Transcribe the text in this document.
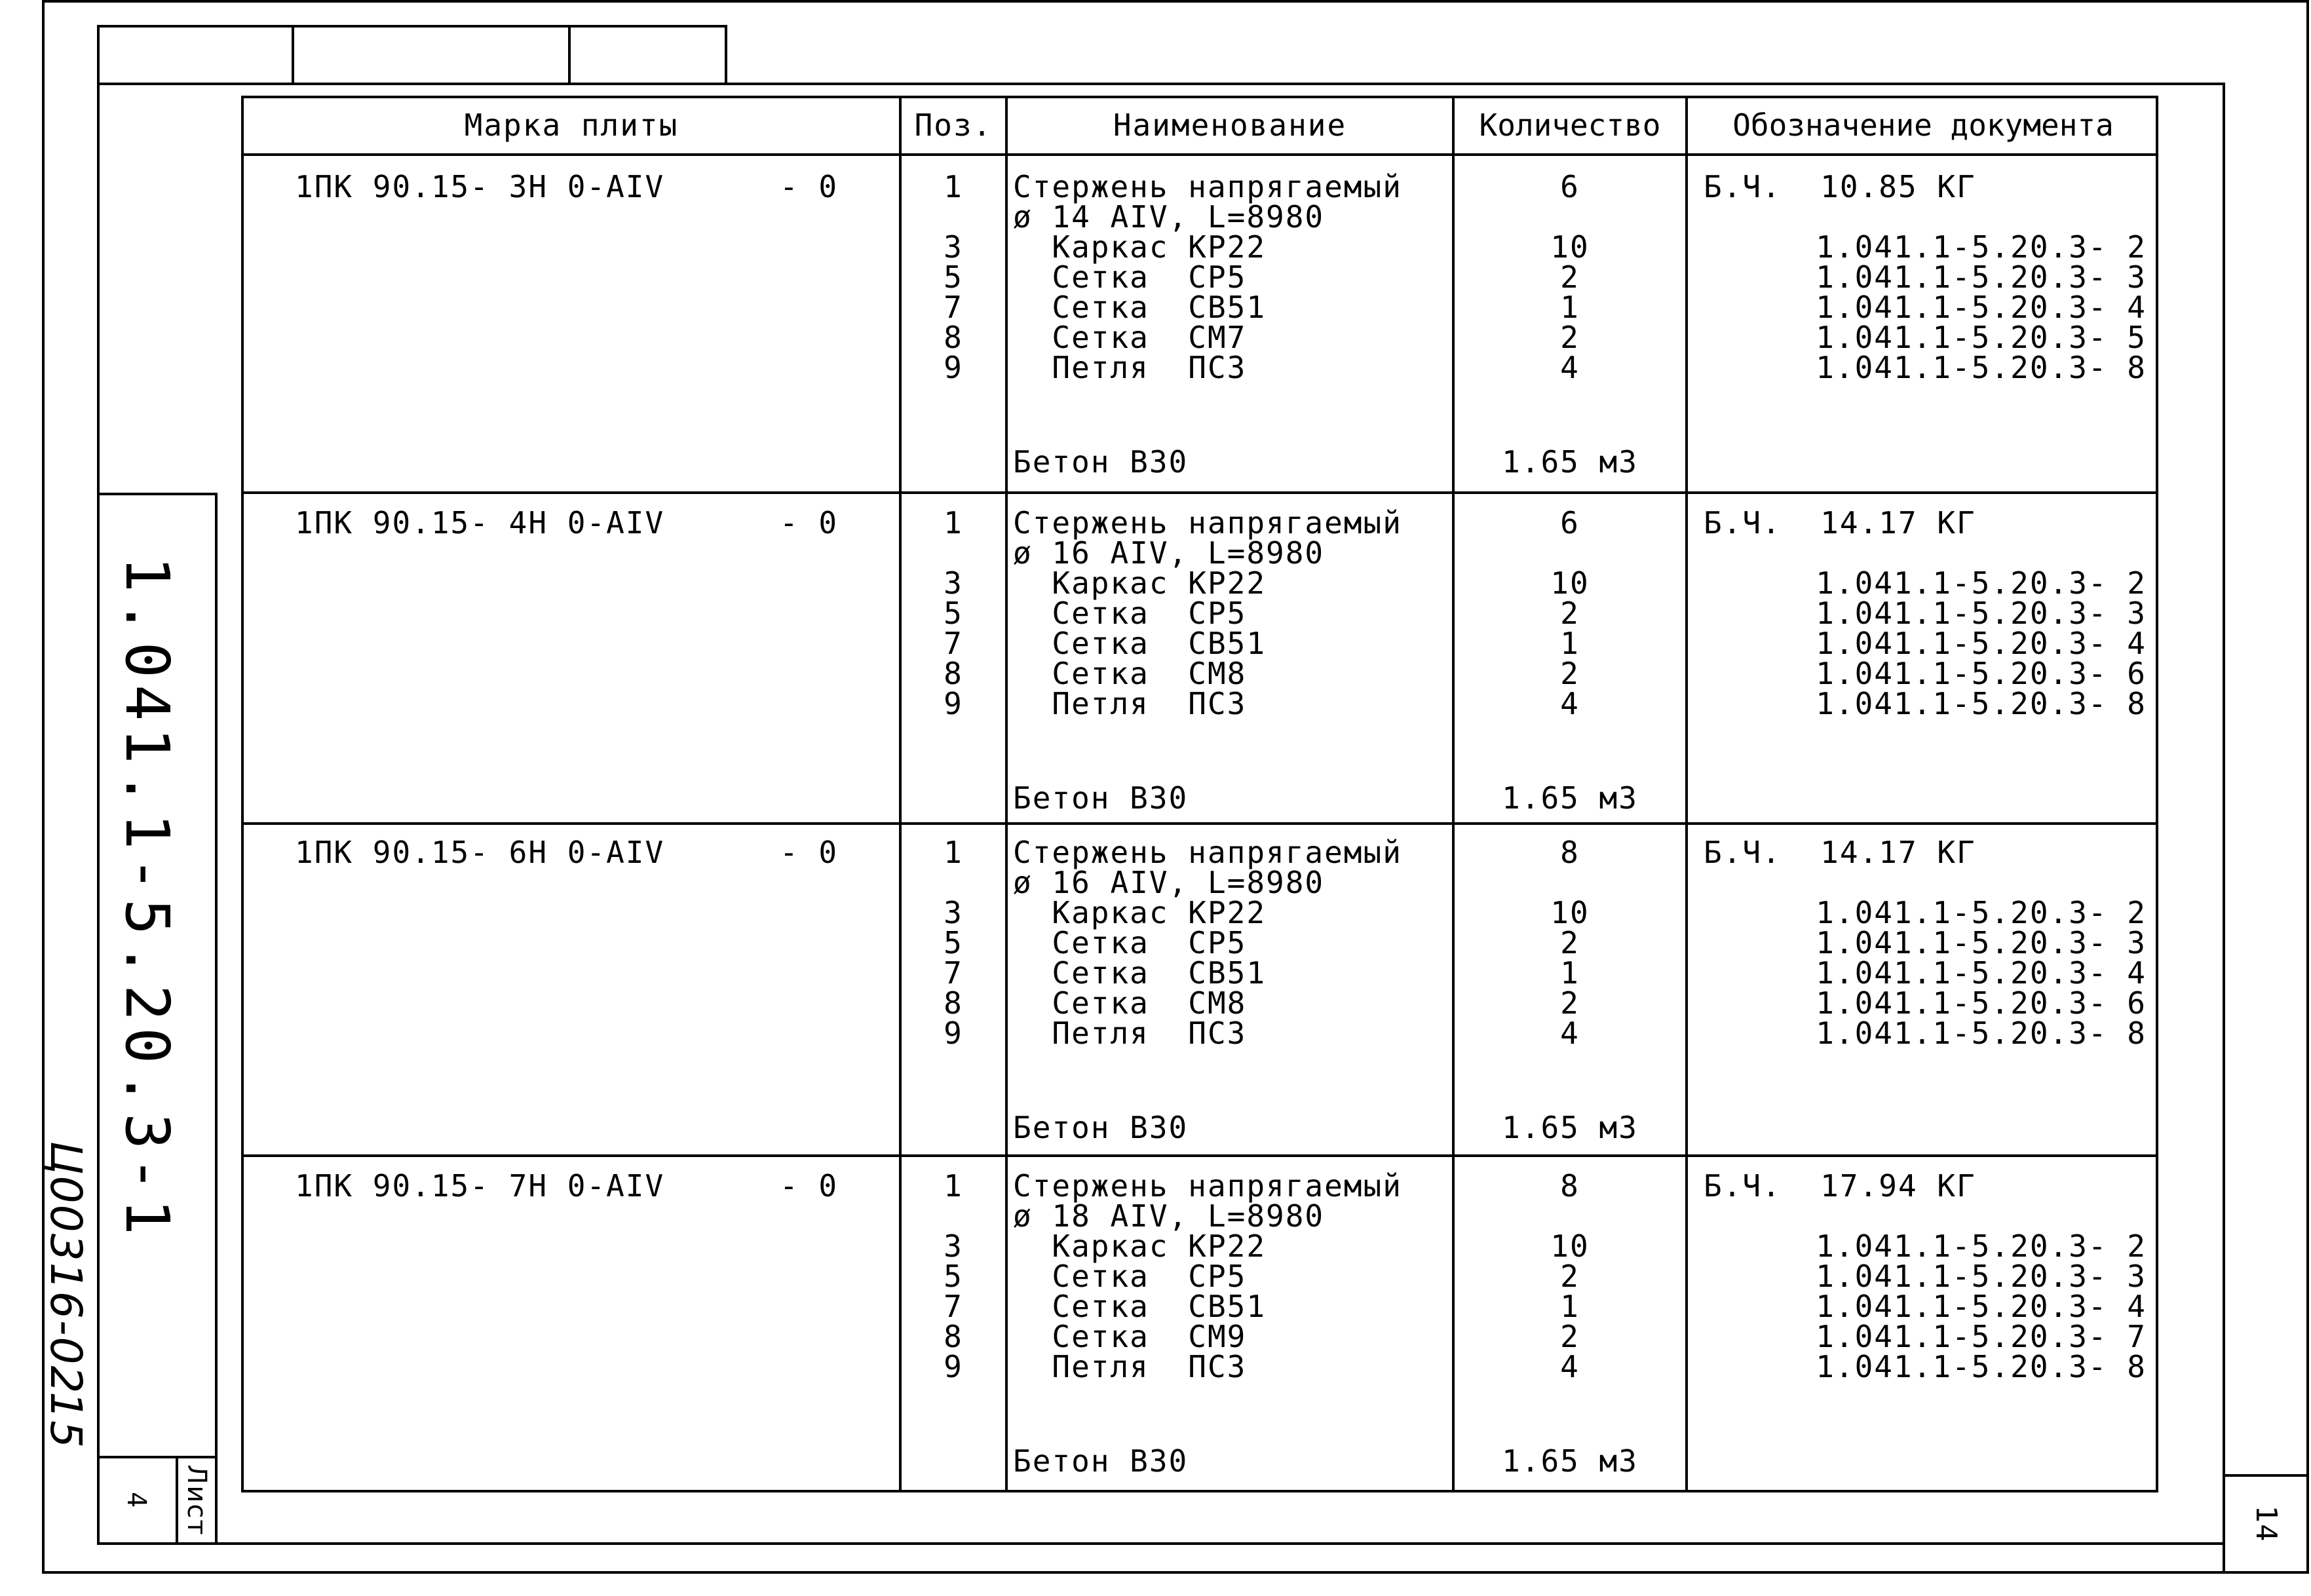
1.041.1-5.20.3-1
Ц00316-02
15
Лист
4
14
Марка плиты	Поз.	Наименование	Количество	Обозначение документа
1ПК 90.15- 3Н 0-АIV	- 0	1	Стержень напрягаемый	6	Б.Ч.  10.85 КГ
ø 14 АIV, L=8980
3	Каркас КР22	10	1.041.1-5.20.3- 2
5	Сетка  СР5	2	1.041.1-5.20.3- 3
7	Сетка  СВ51	1	1.041.1-5.20.3- 4
8	Сетка  СМ7	2	1.041.1-5.20.3- 5
9	Петля  ПС3	4	1.041.1-5.20.3- 8
Бетон В30	1.65 м3
1ПК 90.15- 4Н 0-АIV	- 0	1	Стержень напрягаемый	6	Б.Ч.  14.17 КГ
ø 16 АIV, L=8980
3	Каркас КР22	10	1.041.1-5.20.3- 2
5	Сетка  СР5	2	1.041.1-5.20.3- 3
7	Сетка  СВ51	1	1.041.1-5.20.3- 4
8	Сетка  СМ8	2	1.041.1-5.20.3- 6
9	Петля  ПС3	4	1.041.1-5.20.3- 8
Бетон В30	1.65 м3
1ПК 90.15- 6Н 0-АIV	- 0	1	Стержень напрягаемый	8	Б.Ч.  14.17 КГ
ø 16 АIV, L=8980
3	Каркас КР22	10	1.041.1-5.20.3- 2
5	Сетка  СР5	2	1.041.1-5.20.3- 3
7	Сетка  СВ51	1	1.041.1-5.20.3- 4
8	Сетка  СМ8	2	1.041.1-5.20.3- 6
9	Петля  ПС3	4	1.041.1-5.20.3- 8
Бетон В30	1.65 м3
1ПК 90.15- 7Н 0-АIV	- 0	1	Стержень напрягаемый	8	Б.Ч.  17.94 КГ
ø 18 АIV, L=8980
3	Каркас КР22	10	1.041.1-5.20.3- 2
5	Сетка  СР5	2	1.041.1-5.20.3- 3
7	Сетка  СВ51	1	1.041.1-5.20.3- 4
8	Сетка  СМ9	2	1.041.1-5.20.3- 7
9	Петля  ПС3	4	1.041.1-5.20.3- 8
Бетон В30	1.65 м3
